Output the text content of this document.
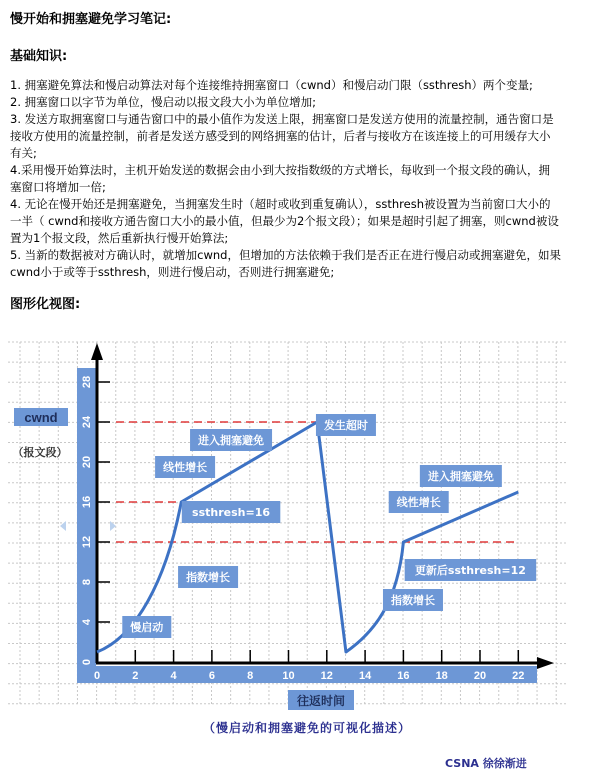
慢开始和拥塞避免学习笔记:
基础知识:
1. 拥塞避免算法和慢启动算法对每个连接维持拥塞窗口（cwnd）和慢启动门限（ssthresh）两个变量;
2. 拥塞窗口以字节为单位，慢启动以报文段大小为单位增加;
3. 发送方取拥塞窗口与通告窗口中的最小值作为发送上限，拥塞窗口是发送方使用的流量控制，通告窗口是
接收方使用的流量控制，前者是发送方感受到的网络拥塞的估计，后者与接收方在该连接上的可用缓存大小
有关;
4.采用慢开始算法时，主机开始发送的数据会由小到大按指数级的方式增长，每收到一个报文段的确认，拥
塞窗口将增加一倍;
4. 无论在慢开始还是拥塞避免，当拥塞发生时（超时或收到重复确认），ssthresh被设置为当前窗口大小的
一半（ cwnd和接收方通告窗口大小的最小值，但最少为2个报文段）；如果是超时引起了拥塞，则cwnd被设
置为1个报文段，然后重新执行慢开始算法;
5. 当新的数据被对方确认时，就增加cwnd，但增加的方法依赖于我们是否正在进行慢启动或拥塞避免，如果
cwnd小于或等于ssthresh，则进行慢启动，否则进行拥塞避免;
图形化视图:
0
4
8
12
16
20
24
28
0	2	4	6	8	10 12 14 16 18 20 22
慢启动
指数增长
ssthresh=16
线性增长
进入拥塞避免
发生超时
进入拥塞避免
线性增长
更新后ssthresh=12
指数增长
cwnd
（报文段）
往返时间
（慢启动和拥塞避免的可视化描述）
CSNA 徐徐渐进
